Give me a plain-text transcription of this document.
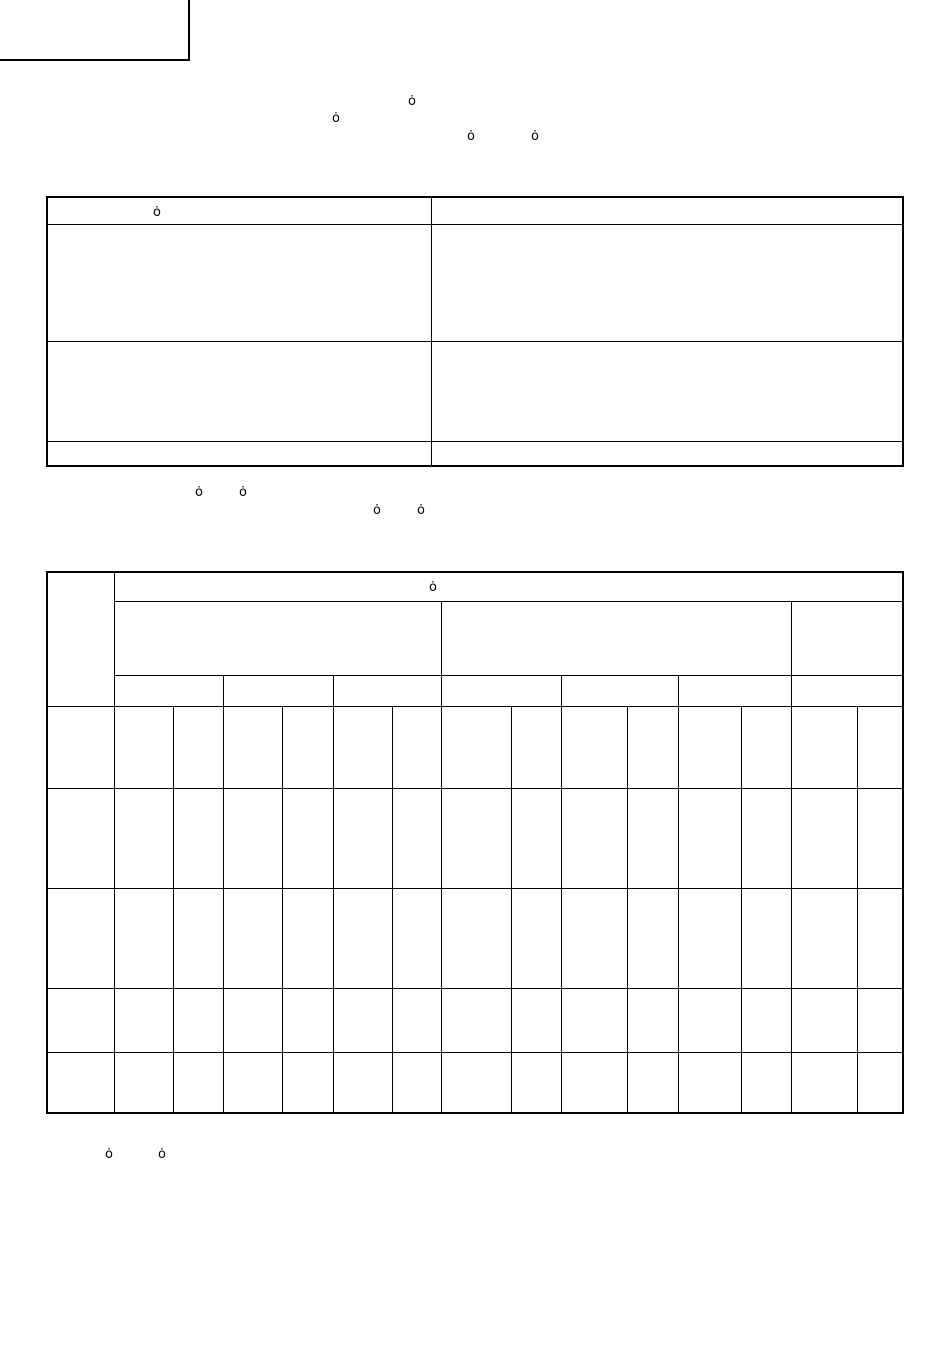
ȯ
ȯ
ȯ	ȯ
ȯ
ȯ	ȯ
ȯ	ȯ
ȯ
ȯ	ȯ
